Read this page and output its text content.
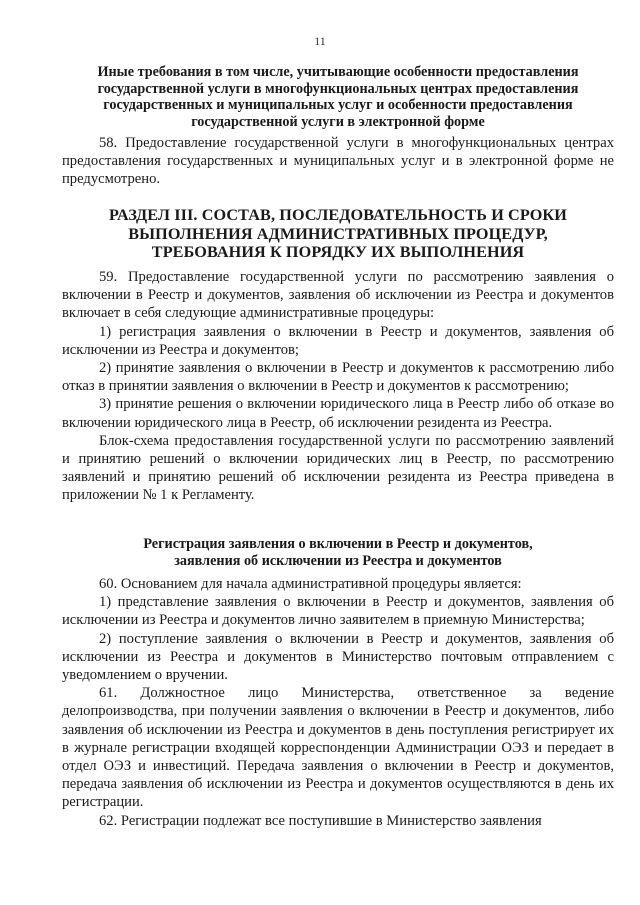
11
Иные требования в том числе, учитывающие особенности предоставления
государственной услуги в многофункциональных центрах предоставления
государственных и муниципальных услуг и особенности предоставления
государственной услуги в электронной форме

58. Предоставление государственной услуги в многофункциональных центрах предоставления государственных и муниципальных услуг и в электронной форме не предусмотрено.

РАЗДЕЛ III. СОСТАВ, ПОСЛЕДОВАТЕЛЬНОСТЬ И СРОКИ
ВЫПОЛНЕНИЯ АДМИНИСТРАТИВНЫХ ПРОЦЕДУР,
ТРЕБОВАНИЯ К ПОРЯДКУ ИХ ВЫПОЛНЕНИЯ

59. Предоставление государственной услуги по рассмотрению заявления о включении в Реестр и документов, заявления об исключении из Реестра и документов включает в себя следующие административные процедуры:

1) регистрация заявления о включении в Реестр и документов, заявления об исключении из Реестра и документов;

2) принятие заявления о включении в Реестр и документов к рассмотрению либо отказ в принятии заявления о включении в Реестр и документов к рассмотрению;

3) принятие решения о включении юридического лица в Реестр либо об отказе во включении юридического лица в Реестр, об исключении резидента из Реестра.

Блок-схема предоставления государственной услуги по рассмотрению заявлений и принятию решений о включении юридических лиц в Реестр, по рассмотрению заявлений и принятию решений об исключении резидента из Реестра приведена в приложении № 1 к Регламенту.

Регистрация заявления о включении в Реестр и документов,
заявления об исключении из Реестра и документов

60. Основанием для начала административной процедуры является:

1) представление заявления о включении в Реестр и документов, заявления об исключении из Реестра и документов лично заявителем в приемную Министерства;

2) поступление заявления о включении в Реестр и документов, заявления об исключении из Реестра и документов в Министерство почтовым отправлением с уведомлением о вручении.

61. Должностное лицо Министерства, ответственное за ведение делопроизводства, при получении заявления о включении в Реестр и документов, либо заявления об исключении из Реестра и документов в день поступления регистрирует их в журнале регистрации входящей корреспонденции Администрации ОЭЗ и передает в отдел ОЭЗ и инвестиций. Передача заявления о включении в Реестр и документов, передача заявления об исключении из Реестра и документов осуществляются в день их регистрации.

62. Регистрации подлежат все поступившие в Министерство заявления
